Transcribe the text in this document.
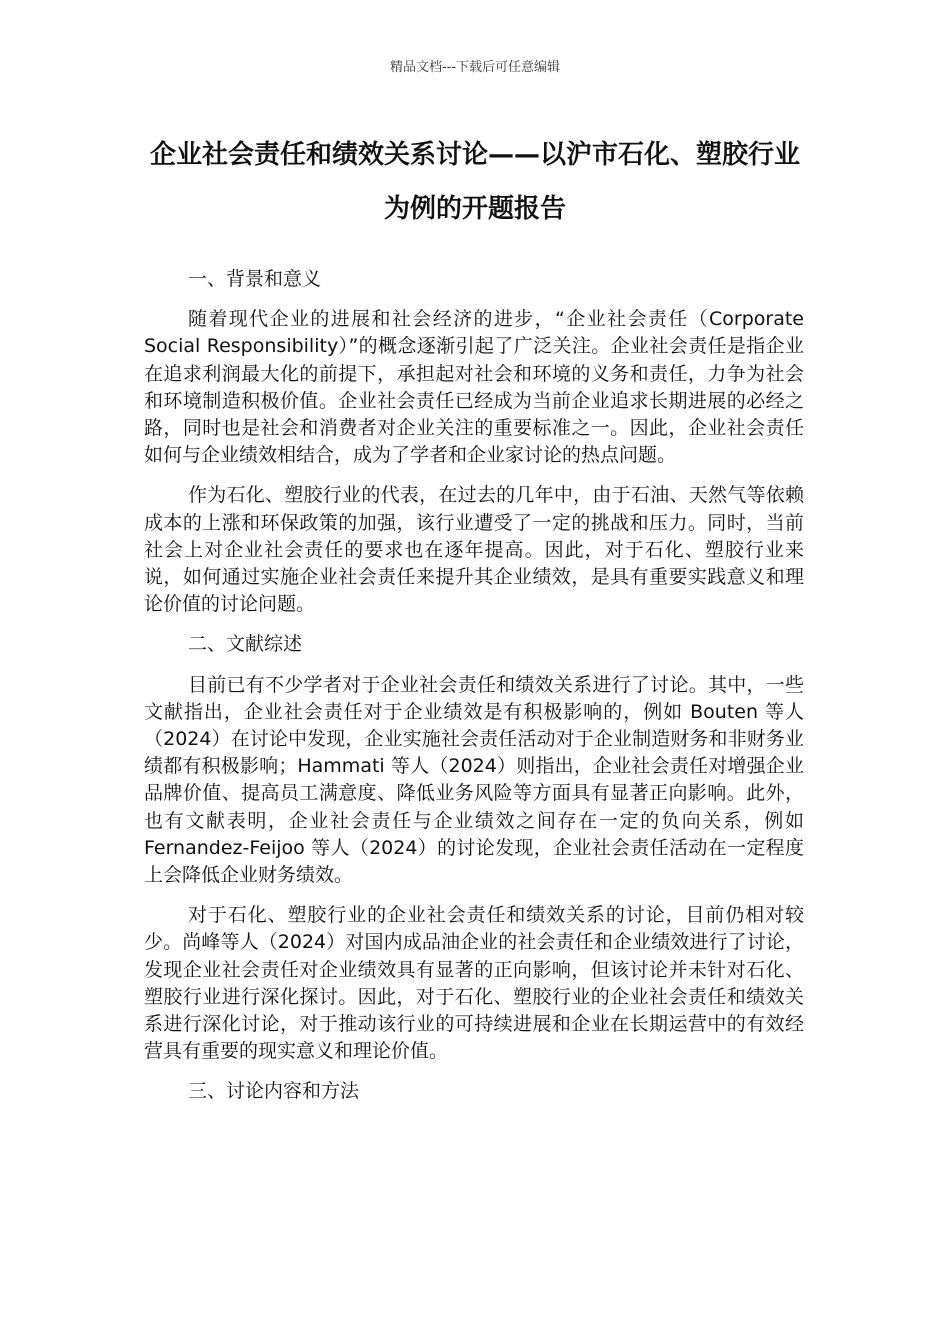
精品文档---下载后可任意编辑
企业社会责任和绩效关系讨论——以沪市石化、塑胶行业为例的开题报告

一、背景和意义

随着现代企业的进展和社会经济的进步，“企业社会责任（Corporate Social Responsibility）”的概念逐渐引起了广泛关注。企业社会责任是指企业在追求利润最大化的前提下，承担起对社会和环境的义务和责任，力争为社会和环境制造积极价值。企业社会责任已经成为当前企业追求长期进展的必经之路，同时也是社会和消费者对企业关注的重要标准之一。因此，企业社会责任如何与企业绩效相结合，成为了学者和企业家讨论的热点问题。

作为石化、塑胶行业的代表，在过去的几年中，由于石油、天然气等依赖成本的上涨和环保政策的加强，该行业遭受了一定的挑战和压力。同时，当前社会上对企业社会责任的要求也在逐年提高。因此，对于石化、塑胶行业来说，如何通过实施企业社会责任来提升其企业绩效，是具有重要实践意义和理论价值的讨论问题。

二、文献综述

目前已有不少学者对于企业社会责任和绩效关系进行了讨论。其中，一些文献指出，企业社会责任对于企业绩效是有积极影响的，例如 Bouten 等人（2024）在讨论中发现，企业实施社会责任活动对于企业制造财务和非财务业绩都有积极影响；Hammati 等人（2024）则指出，企业社会责任对增强企业品牌价值、提高员工满意度、降低业务风险等方面具有显著正向影响。此外，也有文献表明，企业社会责任与企业绩效之间存在一定的负向关系，例如 Fernandez-Feijoo 等人（2024）的讨论发现，企业社会责任活动在一定程度上会降低企业财务绩效。

对于石化、塑胶行业的企业社会责任和绩效关系的讨论，目前仍相对较少。尚峰等人（2024）对国内成品油企业的社会责任和企业绩效进行了讨论，发现企业社会责任对企业绩效具有显著的正向影响，但该讨论并未针对石化、塑胶行业进行深化探讨。因此，对于石化、塑胶行业的企业社会责任和绩效关系进行深化讨论，对于推动该行业的可持续进展和企业在长期运营中的有效经营具有重要的现实意义和理论价值。

三、讨论内容和方法
